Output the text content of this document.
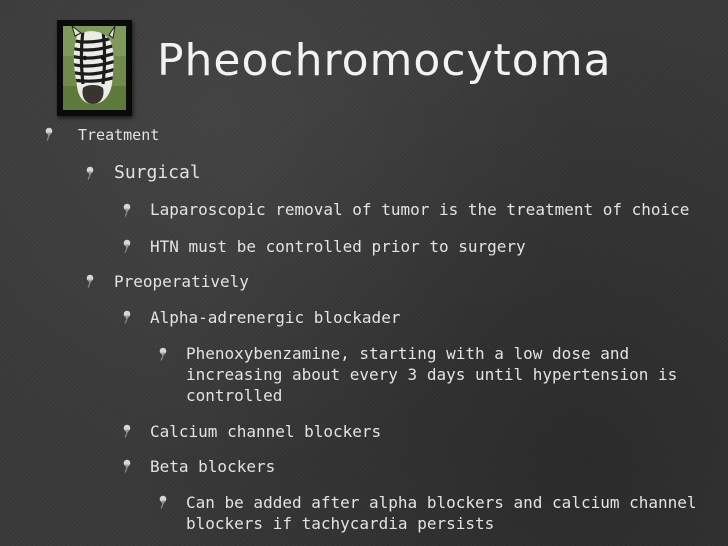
Pheochromocytoma
Treatment
Surgical
Laparoscopic removal of tumor is the treatment of choice
HTN must be controlled prior to surgery
Preoperatively
Alpha-adrenergic blockader
Phenoxybenzamine, starting with a low dose and
increasing about every 3 days until hypertension is
controlled
Calcium channel blockers
Beta blockers
Can be added after alpha blockers and calcium channel
blockers if tachycardia persists
